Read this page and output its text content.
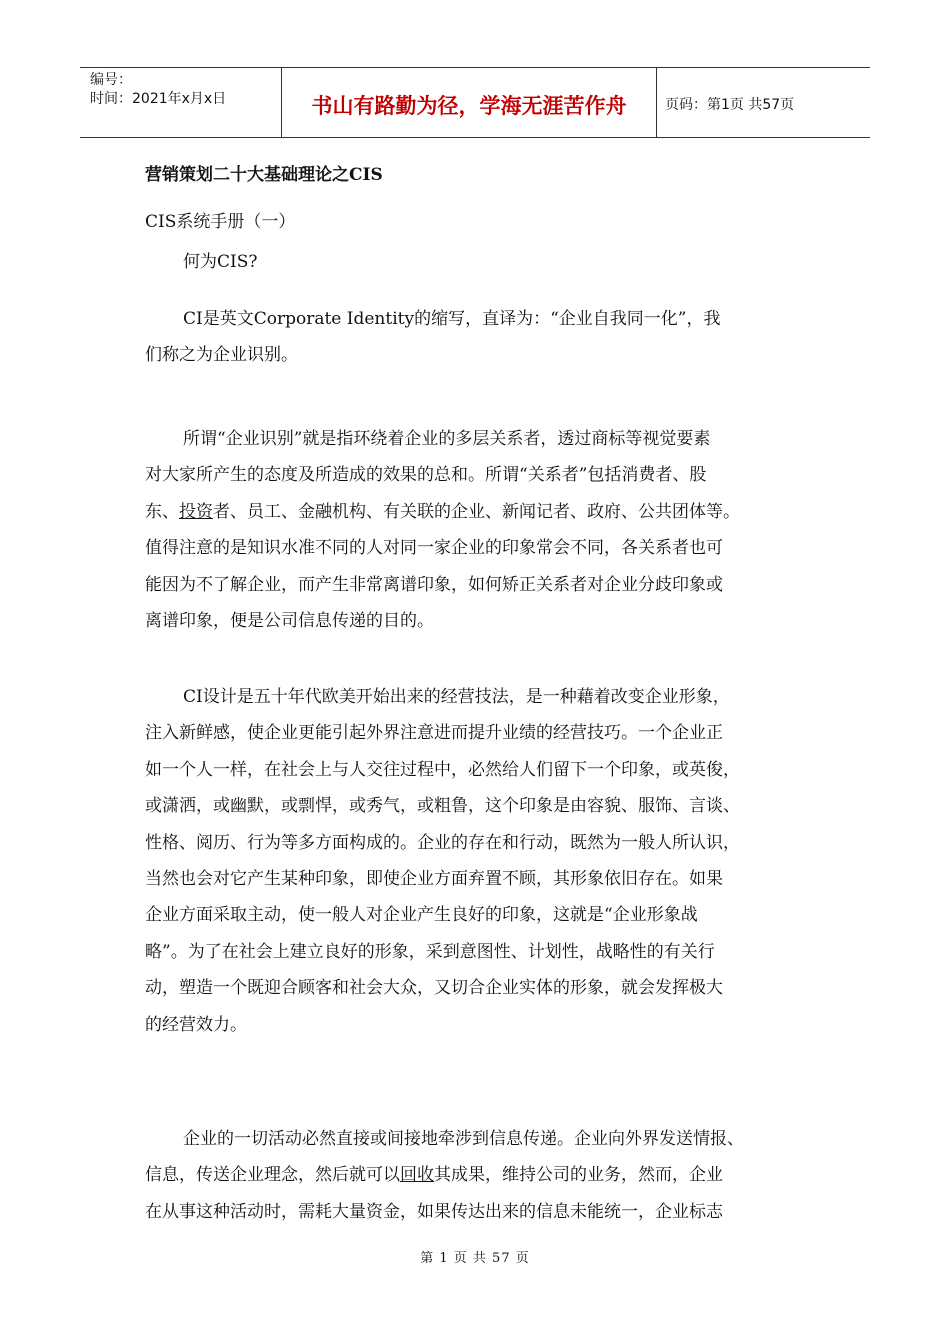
编号：
时间：2021年x月x日	书山有路勤为径，学海无涯苦作舟	页码：第1页 共57页
营销策划二十大基础理论之CIS
CIS系统手册（一）
何为CIS?
CI是英文Corporate Identity的缩写，直译为：“企业自我同一化”，我
们称之为企业识别。
所谓“企业识别”就是指环绕着企业的多层关系者，透过商标等视觉要素
对大家所产生的态度及所造成的效果的总和。所谓“关系者”包括消费者、股
东、投资者、员工、金融机构、有关联的企业、新闻记者、政府、公共团体等。
值得注意的是知识水准不同的人对同一家企业的印象常会不同，各关系者也可
能因为不了解企业，而产生非常离谱印象，如何矫正关系者对企业分歧印象或
离谱印象，便是公司信息传递的目的。
CI设计是五十年代欧美开始出来的经营技法，是一种藉着改变企业形象，
注入新鲜感，使企业更能引起外界注意进而提升业绩的经营技巧。一个企业正
如一个人一样，在社会上与人交往过程中，必然给人们留下一个印象，或英俊，
或潇洒，或幽默，或剽悍，或秀气，或粗鲁，这个印象是由容貌、服饰、言谈、
性格、阅历、行为等多方面构成的。企业的存在和行动，既然为一般人所认识，
当然也会对它产生某种印象，即使企业方面弃置不顾，其形象依旧存在。如果
企业方面采取主动，使一般人对企业产生良好的印象，这就是“企业形象战
略”。为了在社会上建立良好的形象，采到意图性、计划性，战略性的有关行
动，塑造一个既迎合顾客和社会大众，又切合企业实体的形象，就会发挥极大
的经营效力。
企业的一切活动必然直接或间接地牵涉到信息传递。企业向外界发送情报、
信息，传送企业理念，然后就可以回收其成果，维持公司的业务，然而，企业
在从事这种活动时，需耗大量资金，如果传达出来的信息未能统一，企业标志
第 1 页 共 57 页
